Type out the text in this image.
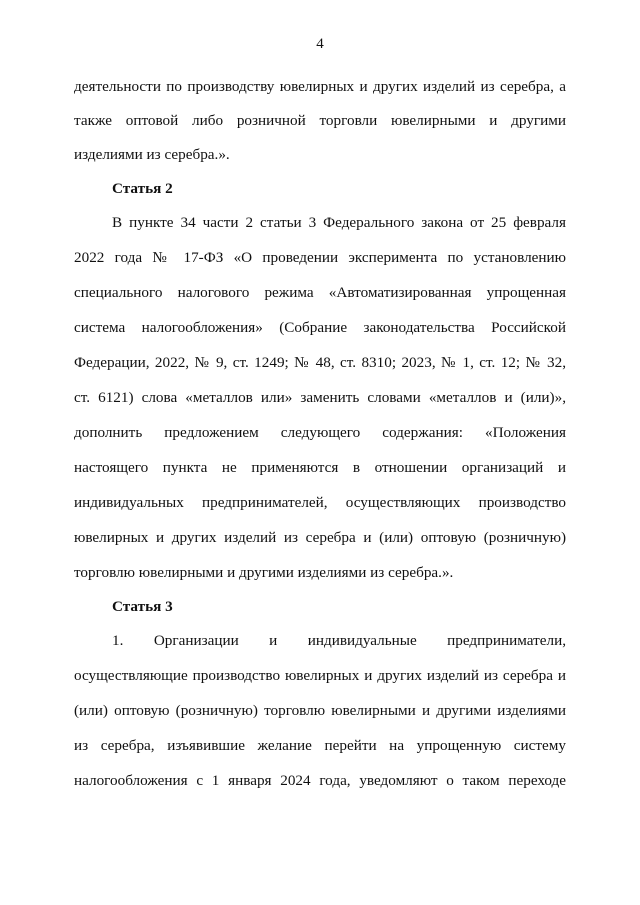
4
деятельности по производству ювелирных и других изделий из серебра, а
также оптовой либо розничной торговли ювелирными и другими
изделиями из серебра.».
Статья 2
В пункте 34 части 2 статьи 3 Федерального закона от 25 февраля
2022 года № 17-ФЗ «О проведении эксперимента по установлению
специального налогового режима «Автоматизированная упрощенная
система налогообложения» (Собрание законодательства Российской
Федерации, 2022, № 9, ст. 1249; № 48, ст. 8310; 2023, № 1, ст. 12; № 32,
ст. 6121) слова «металлов или» заменить словами «металлов и (или)»,
дополнить предложением следующего содержания: «Положения
настоящего пункта не применяются в отношении организаций и
индивидуальных предпринимателей, осуществляющих производство
ювелирных и других изделий из серебра и (или) оптовую (розничную)
торговлю ювелирными и другими изделиями из серебра.».
Статья 3
1. Организации и индивидуальные предприниматели,
осуществляющие производство ювелирных и других изделий из серебра и
(или) оптовую (розничную) торговлю ювелирными и другими изделиями
из серебра, изъявившие желание перейти на упрощенную систему
налогообложения с 1 января 2024 года, уведомляют о таком переходе
